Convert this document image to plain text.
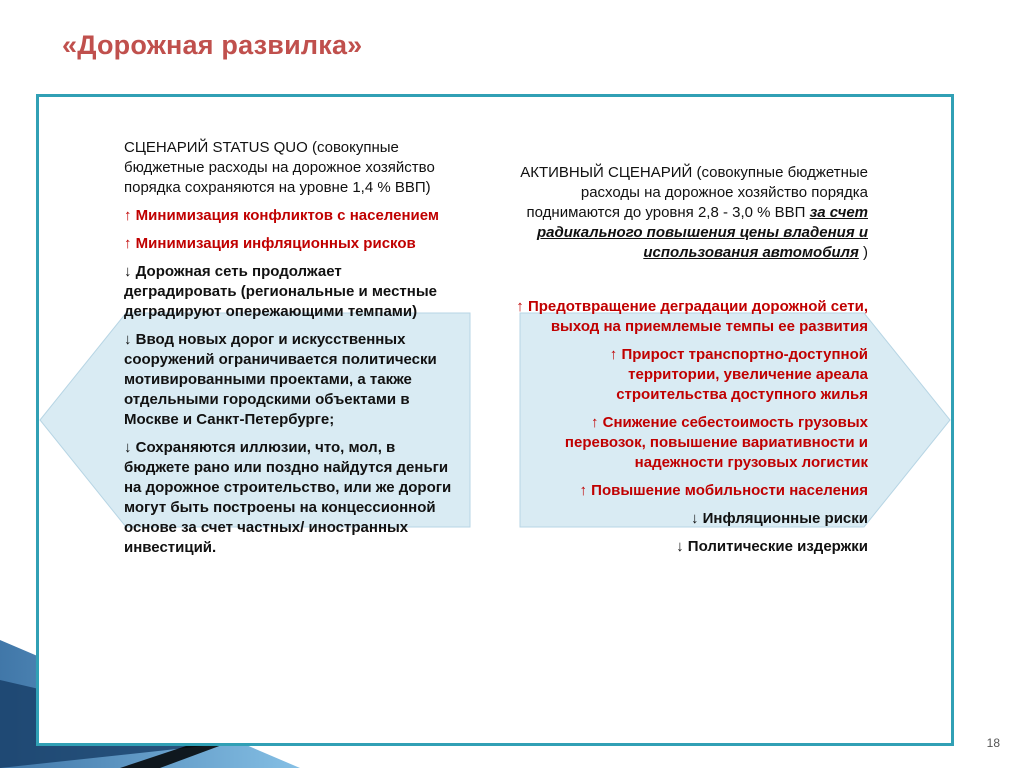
«Дорожная развилка»

СЦЕНАРИЙ STATUS QUO (совокупные бюджетные расходы на дорожное хозяйство порядка сохраняются на уровне 1,4 % ВВП)

↑ Минимизация конфликтов с населением

↑ Минимизация инфляционных рисков

↓ Дорожная сеть продолжает деградировать (региональные и местные деградируют опережающими темпами)

↓ Ввод новых дорог и искусственных сооружений ограничивается политически мотивированными проектами, а также отдельными городскими объектами в Москве и Санкт-Петербурге;

↓ Сохраняются иллюзии, что, мол, в бюджете рано или поздно найдутся деньги на дорожное строительство, или же дороги могут быть построены на концессионной основе за счет частных/ иностранных инвестиций.

АКТИВНЫЙ СЦЕНАРИЙ (совокупные бюджетные расходы на дорожное хозяйство порядка поднимаются до уровня 2,8 - 3,0 % ВВП за счет радикального повышения цены владения и использования автомобиля )

↑ Предотвращение деградации дорожной сети, выход на приемлемые темпы ее развития

↑ Прирост транспортно-доступной территории, увеличение ареала строительства доступного жилья

↑ Снижение себестоимость грузовых перевозок, повышение вариативности и надежности грузовых логистик

↑ Повышение мобильности населения

↓ Инфляционные риски

↓ Политические издержки

18
